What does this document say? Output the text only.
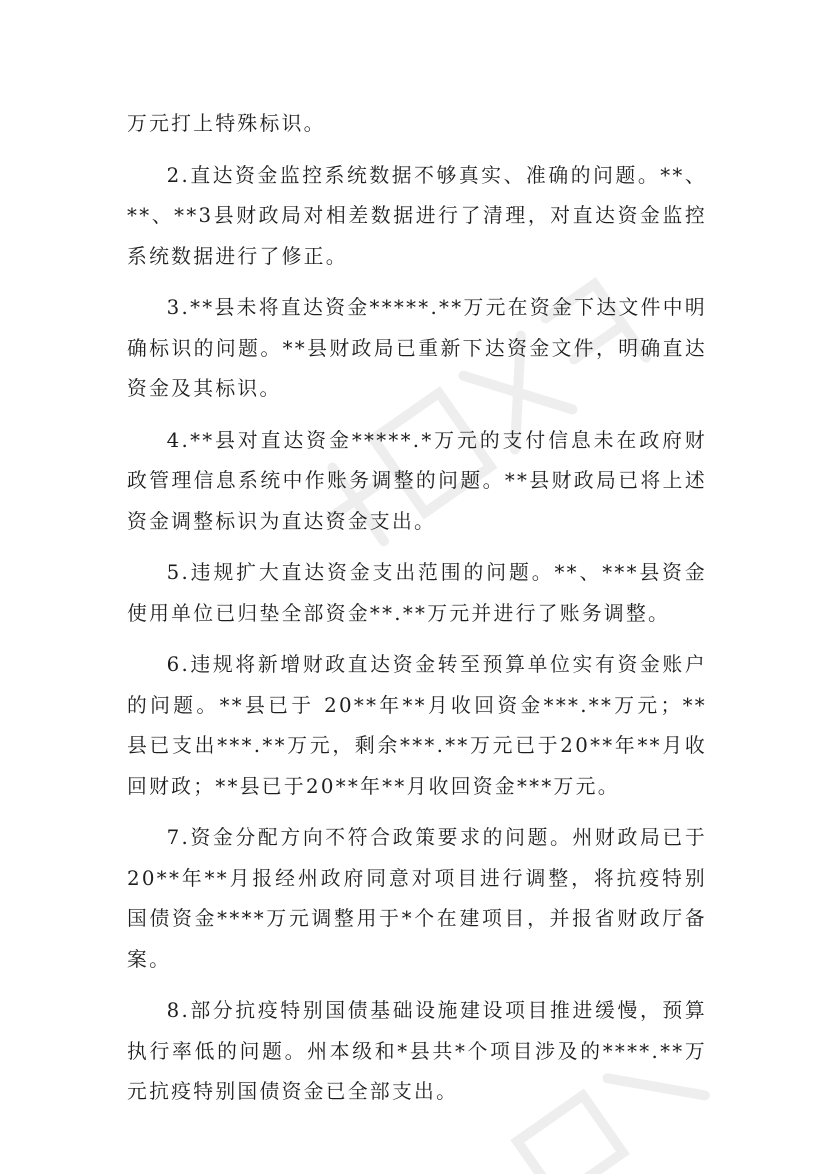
万元打上特殊标识。

2.直达资金监控系统数据不够真实、准确的问题。**、**、**3县财政局对相差数据进行了清理，对直达资金监控系统数据进行了修正。

3.**县未将直达资金*****.**万元在资金下达文件中明确标识的问题。**县财政局已重新下达资金文件，明确直达资金及其标识。

4.**县对直达资金*****.*万元的支付信息未在政府财政管理信息系统中作账务调整的问题。**县财政局已将上述资金调整标识为直达资金支出。

5.违规扩大直达资金支出范围的问题。**、***县资金使用单位已归垫全部资金**.**万元并进行了账务调整。

6.违规将新增财政直达资金转至预算单位实有资金账户的问题。**县已于 20**年**月收回资金***.**万元；**县已支出***.**万元，剩余***.**万元已于20**年**月收回财政；**县已于20**年**月收回资金***万元。

7.资金分配方向不符合政策要求的问题。州财政局已于20**年**月报经州政府同意对项目进行调整，将抗疫特别国债资金****万元调整用于*个在建项目，并报省财政厅备案。

8.部分抗疫特别国债基础设施建设项目推进缓慢，预算执行率低的问题。州本级和*县共*个项目涉及的****.**万元抗疫特别国债资金已全部支出。
